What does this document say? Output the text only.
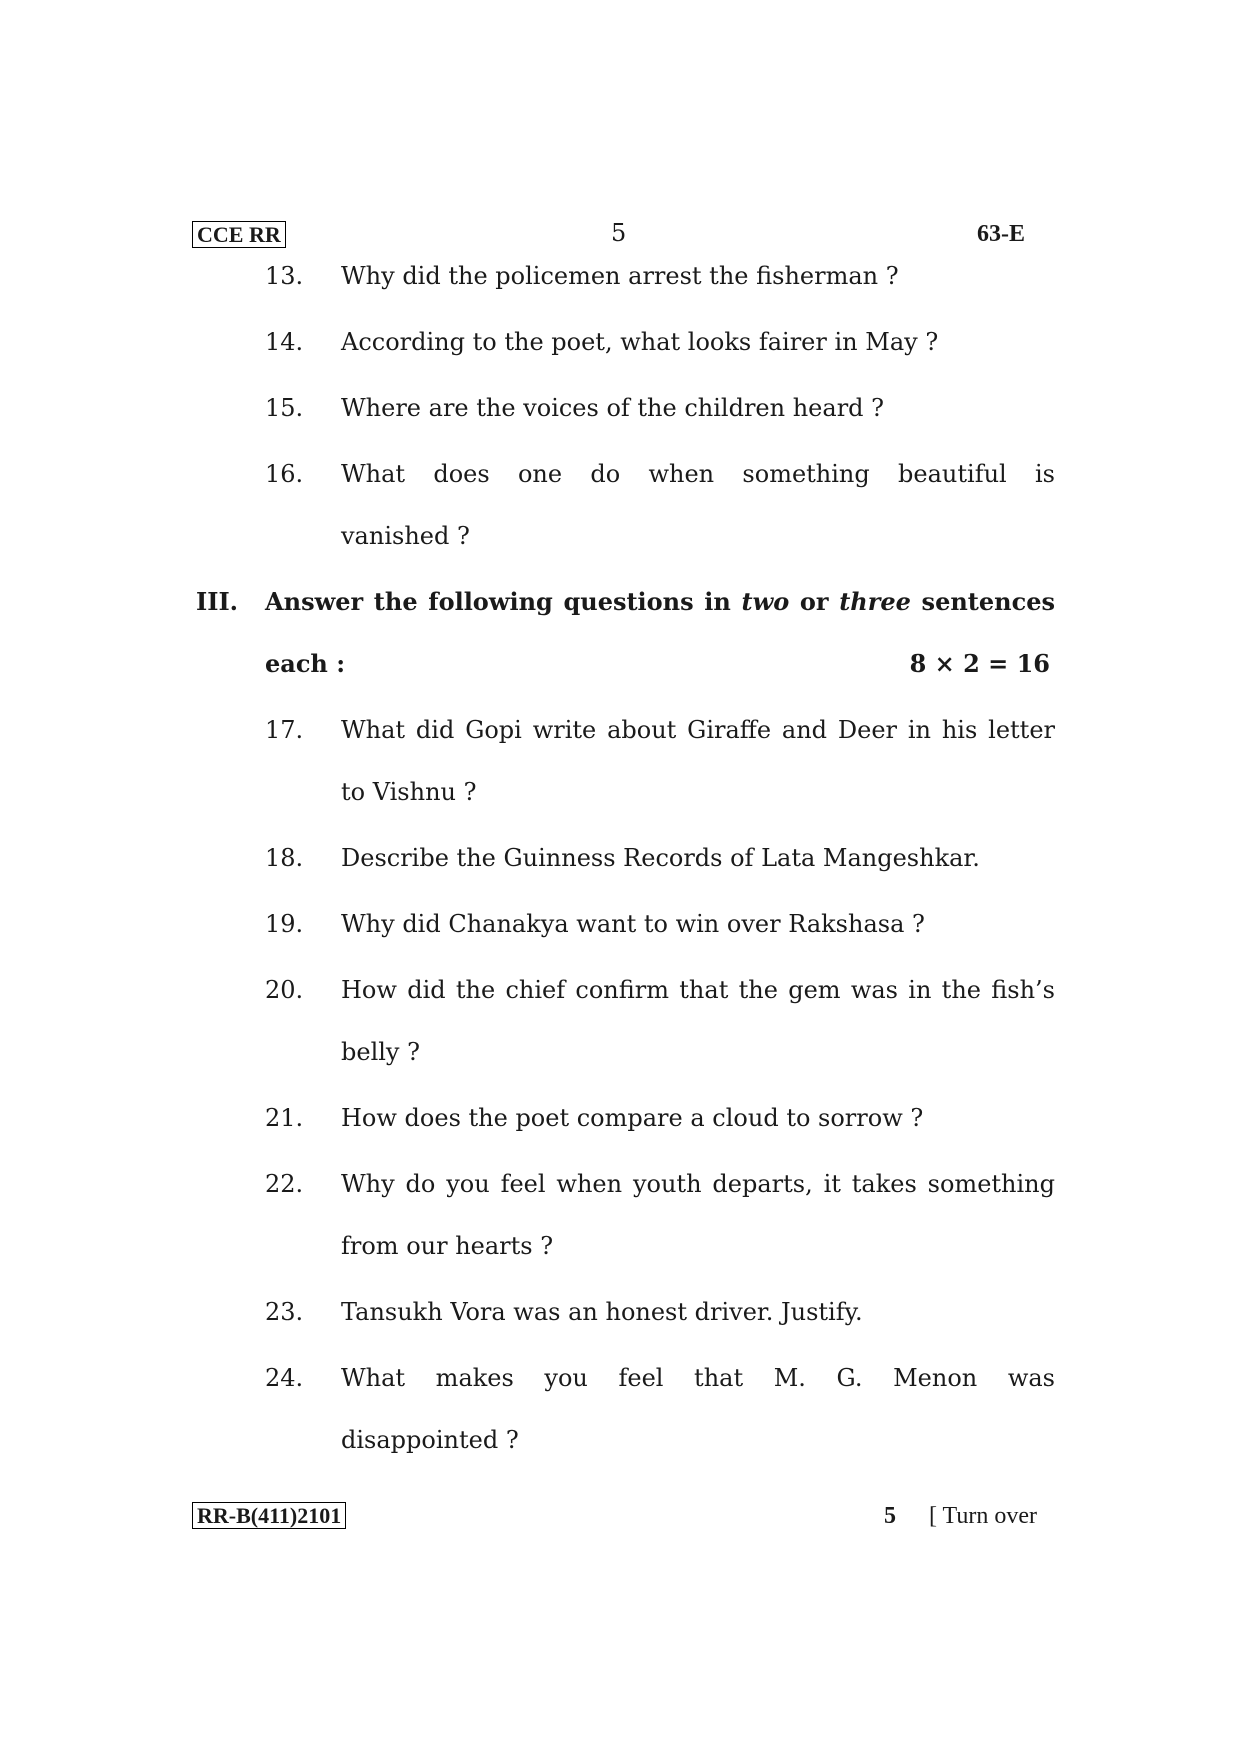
CCE RR	5	63-E
13. Why did the policemen arrest the fisherman ?
14. According to the poet, what looks fairer in May ?
15. Where are the voices of the children heard ?
16. What does one do when something beautiful is
vanished ?
III. Answer the following questions in two or three sentences
each :	8 × 2 = 16
17. What did Gopi write about Giraffe and Deer in his letter
to Vishnu ?
18. Describe the Guinness Records of Lata Mangeshkar.
19. Why did Chanakya want to win over Rakshasa ?
20. How did the chief confirm that the gem was in the fish’s
belly ?
21. How does the poet compare a cloud to sorrow ?
22. Why do you feel when youth departs, it takes something
from our hearts ?
23. Tansukh Vora was an honest driver. Justify.
24. What makes you feel that M. G. Menon was
disappointed ?
RR-B(411)2101	5 [ Turn over
